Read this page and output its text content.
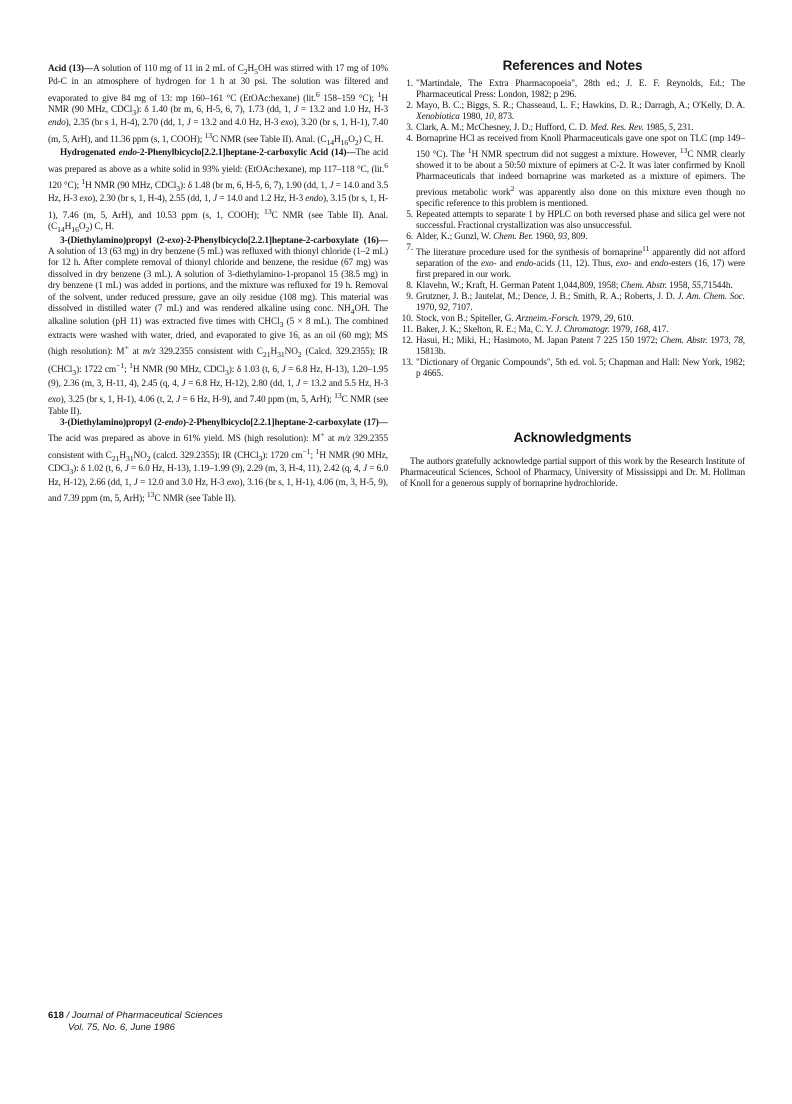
Acid (13)—A solution of 110 mg of 11 in 2 mL of $C_2H_5OH$ was stirred with 17 mg of 10% Pd-C in an atmosphere of hydrogen for 1 h at 30 psi. The solution was filtered and evaporated to give 84 mg of 13: mp 160–161 °C (EtOAc:hexane) (lit.$^6$ 158–159 °C); $^1$H NMR (90 MHz, CDCl$_3$): δ 1.40 (br m, 6, H-5, 6, 7), 1.73 (dd, 1, J = 13.2 and 1.0 Hz, H-3 endo), 2.35 (br s 1, H-4), 2.70 (dd, 1, J = 13.2 and 4.0 Hz, H-3 exo), 3.20 (br s, 1, H-1), 7.40 (m, 5, ArH), and 11.36 ppm (s, 1, COOH); $^{13}$C NMR (see Table II). Anal. $(C_{14}H_{16}O_2)$ C, H.

Hydrogenated endo-2-Phenylbicyclo[2.2.1]heptane-2-carboxylic Acid (14)—The acid was prepared as above as a white solid in 93% yield: (EtOAc:hexane), mp 117–118 °C, (lit.$^6$ 120 °C); $^1$H NMR (90 MHz, CDCl$_3$): δ 1.48 (br m, 6, H-5, 6, 7), 1.90 (dd, 1, J = 14.0 and 3.5 Hz, H-3 exo), 2.30 (br s, 1, H-4), 2.55 (dd, 1, J = 14.0 and 1.2 Hz, H-3 endo), 3.15 (br s, 1, H-1), 7.46 (m, 5, ArH), and 10.53 ppm (s, 1, COOH); $^{13}$C NMR (see Table II). Anal. $(C_{14}H_{16}O_2)$ C, H.

3-(Diethylamino)propyl (2-exo)-2-Phenylbicyclo[2.2.1]heptane-2-carboxylate (16)—A solution of 13 (63 mg) in dry benzene (5 mL) was refluxed with thionyl chloride (1–2 mL) for 12 h. After complete removal of thionyl chloride and benzene, the residue (67 mg) was dissolved in dry benzene (3 mL). A solution of 3-diethylamino-1-propanol 15 (38.5 mg) in dry benzene (1 mL) was added in portions, and the mixture was refluxed for 19 h. Removal of the solvent, under reduced pressure, gave an oily residue (108 mg). This material was dissolved in distilled water (7 mL) and was rendered alkaline using conc. $NH_4OH$. The alkaline solution (pH 11) was extracted five times with CHCl$_3$ (5 × 8 mL). The combined extracts were washed with water, dried, and evaporated to give 16, as an oil (60 mg); MS (high resolution): M+ at m/z 329.2355 consistent with $C_{21}H_{31}NO_2$ (Calcd. 329.2355); IR (CHCl$_3$): 1722 $cm^{-1}$; $^1$H NMR (90 MHz, CDCl$_3$): δ 1.03 (t, 6, J = 6.8 Hz, H-13), 1.20–1.95 (9), 2.36 (m, 3, H-11, 4), 2.45 (q, 4, J = 6.8 Hz, H-12), 2.80 (dd, 1, J = 13.2 and 5.5 Hz, H-3 exo), 3.25 (br s, 1, H-1), 4.06 (t, 2, J = 6 Hz, H-9), and 7.40 ppm (m, 5, ArH); $^{13}$C NMR (see Table II).

3-(Diethylamino)propyl (2-endo)-2-Phenylbicyclo[2.2.1]heptane-2-carboxylate (17)—The acid was prepared as above in 61% yield. MS (high resolution): M+ at m/z 329.2355 consistent with $C_{21}H_{31}NO_2$ (calcd. 329.2355); IR (CHCl$_3$): 1720 $cm^{-1}$; $^1$H NMR (90 MHz, CDCl$_3$): δ 1.02 (t, 6, J = 6.0 Hz, H-13), 1.19–1.99 (9), 2.29 (m, 3, H-4, 11), 2.42 (q, 4, J = 6.0 Hz, H-12), 2.66 (dd, 1, J = 12.0 and 3.0 Hz, H-3 exo), 3.16 (br s, 1, H-1), 4.06 (m, 3, H-5, 9), and 7.39 ppm (m, 5, ArH); $^{13}$C NMR (see Table II).

References and Notes
1. "Martindale, The Extra Pharmacopoeia", 28th ed.; J. E. F. Reynolds, Ed.; The Pharmaceutical Press: London, 1982; p 296.
2. Mayo, B. C.; Biggs, S. R.; Chasseaud, L. F.; Hawkins, D. R.; Darragh, A.; O'Kelly, D. A. Xenobiotica 1980, 10, 873.
3. Clark, A. M.; McChesney, J. D.; Hufford, C. D. Med. Res. Rev. 1985, 5, 231.
4. Bornaprine HCl as received from Knoll Pharmaceuticals gave one spot on TLC (mp 149–150 °C). The $^1$H NMR spectrum did not suggest a mixture. However, $^{13}$C NMR clearly showed it to be about a 50:50 mixture of epimers at C-2. It was later confirmed by Knoll Pharmaceuticals that indeed bornaprine was marketed as a mixture of epimers. The previous metabolic work$^2$ was apparently also done on this mixture even though no specific reference to this problem is mentioned.
5. Repeated attempts to separate 1 by HPLC on both reversed phase and silica gel were not successful. Fractional crystallization was also unsuccessful.
6. Alder, K.; Gunzl, W. Chem. Ber. 1960, 93, 809.
7.
The literature procedure used for the synthesis of bornaprine$^{11}$ apparently did not afford separation of the exo- and endo-acids (11, 12). Thus, exo- and endo-esters (16, 17) were first prepared in our work.
8. Klavehn, W.; Kraft, H. German Patent 1,044,809, 1958; Chem. Abstr. 1958, 55,71544h.
9. Grutzner, J. B.; Jautelat, M.; Dence, J. B.; Smith, R. A.; Roberts, J. D. J. Am. Chem. Soc. 1970, 92, 7107.
10. Stock, von B.; Spiteller, G. Arzneim.-Forsch. 1979, 29, 610.
11. Baker, J. K.; Skelton, R. E.; Ma, C. Y. J. Chromatogr. 1979, 168, 417.
12. Hasui, H.; Miki, H.; Hasimoto, M. Japan Patent 7 225 150 1972; Chem. Abstr. 1973, 78, 15813b.
13. "Dictionary of Organic Compounds", 5th ed. vol. 5; Chapman and Hall: New York, 1982; p 4665.
Acknowledgments

The authors gratefully acknowledge partial support of this work by the Research Institute of Pharmaceutical Sciences, School of Pharmacy, University of Mississippi and Dr. M. Hollman of Knoll for a generous supply of bornaprine hydrochloride.

618 / Journal of Pharmaceutical Sciences
Vol. 75, No. 6, June 1986
